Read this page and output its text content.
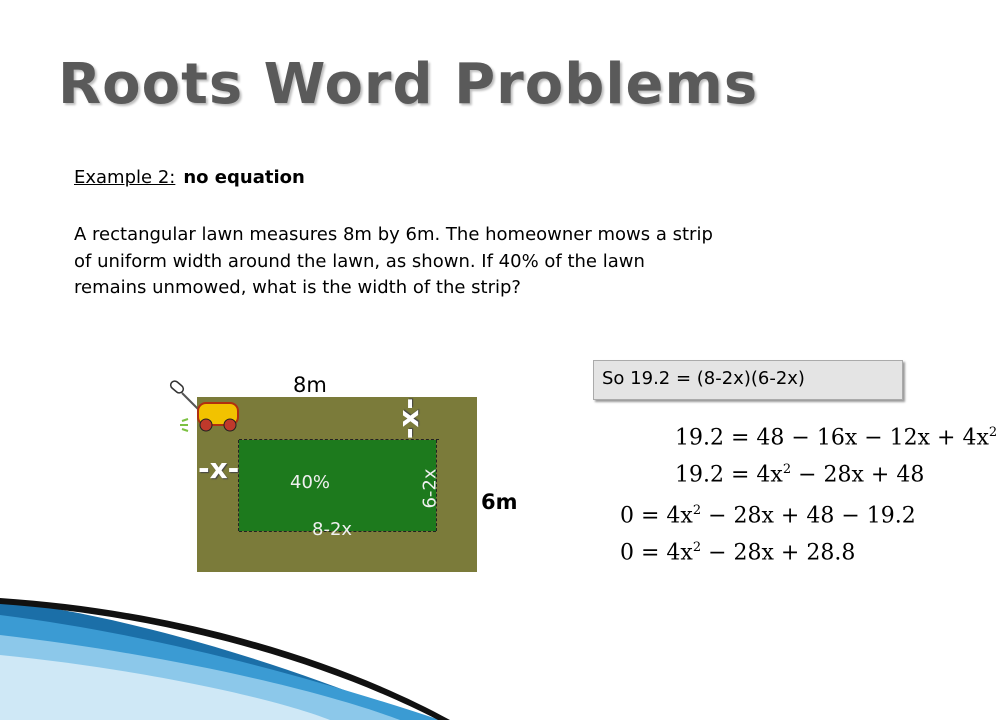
Roots Word Problems
Example 2: no equation
A rectangular lawn measures 8m by 6m. The homeowner mows a strip of uniform width around the lawn, as shown. If 40% of the lawn remains unmowed, what is the width of the strip?
8m
6m
-x-
-x-	40%
8-2x
6-2x
So 19.2 = (8-2x)(6-2x)
$19.2 = 48 - 16x - 12x + 4x^2$
$19.2 = 4x^2 - 28x + 48$
$0 = 4x^2 - 28x + 48 - 19.2$
$0 = 4x^2 - 28x + 28.8$
